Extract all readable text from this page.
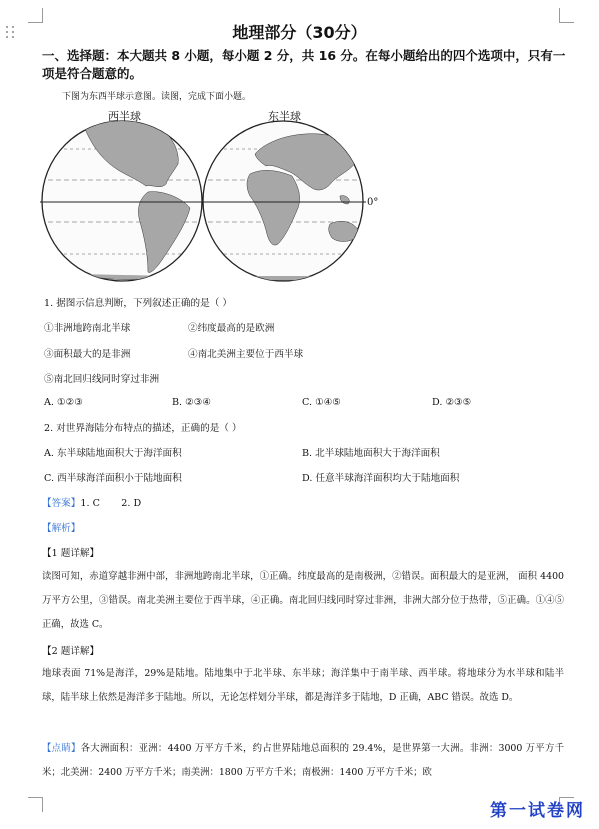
地理部分（30分）
一、选择题：本大题共 8 小题，每小题 2 分，共 16 分。在每小题给出的四个选项中，只有一项是符合题意的。
下图为东西半球示意图。读图，完成下面小题。
西半球	东半球
0°
1. 据图示信息判断，下列叙述正确的是（ ）
①非洲地跨南北半球	②纬度最高的是欧洲
③面积最大的是非洲	④南北美洲主要位于西半球
⑤南北回归线同时穿过非洲
A. ①②③	B. ②③④	C. ①④⑤	D. ②③⑤
2. 对世界海陆分布特点的描述，正确的是（ ）
A. 东半球陆地面积大于海洋面积	B. 北半球陆地面积大于海洋面积
C. 西半球海洋面积小于陆地面积	D. 任意半球海洋面积均大于陆地面积
【答案】1. C       2. D
【解析】
【1 题详解】
读图可知，赤道穿越非洲中部，非洲地跨南北半球，①正确。纬度最高的是南极洲，②错误。面积最大的是亚洲， 面积 4400 万平方公里，③错误。南北美洲主要位于西半球，④正确。南北回归线同时穿过非洲，非洲大部分位于热带，⑤正确。①④⑤正确，故选 C。
【2 题详解】
地球表面 71%是海洋，29%是陆地。陆地集中于北半球、东半球；海洋集中于南半球、西半球。将地球分为水半球和陆半球，陆半球上依然是海洋多于陆地。所以，无论怎样划分半球，都是海洋多于陆地，D 正确，ABC 错误。故选 D。
【点睛】各大洲面积：亚洲：4400 万平方千米，约占世界陆地总面积的 29.4%，是世界第一大洲。非洲：3000 万平方千米；北美洲：2400 万平方千米；南美洲：1800 万平方千米；南极洲：1400 万平方千米；欧
第一试卷网
